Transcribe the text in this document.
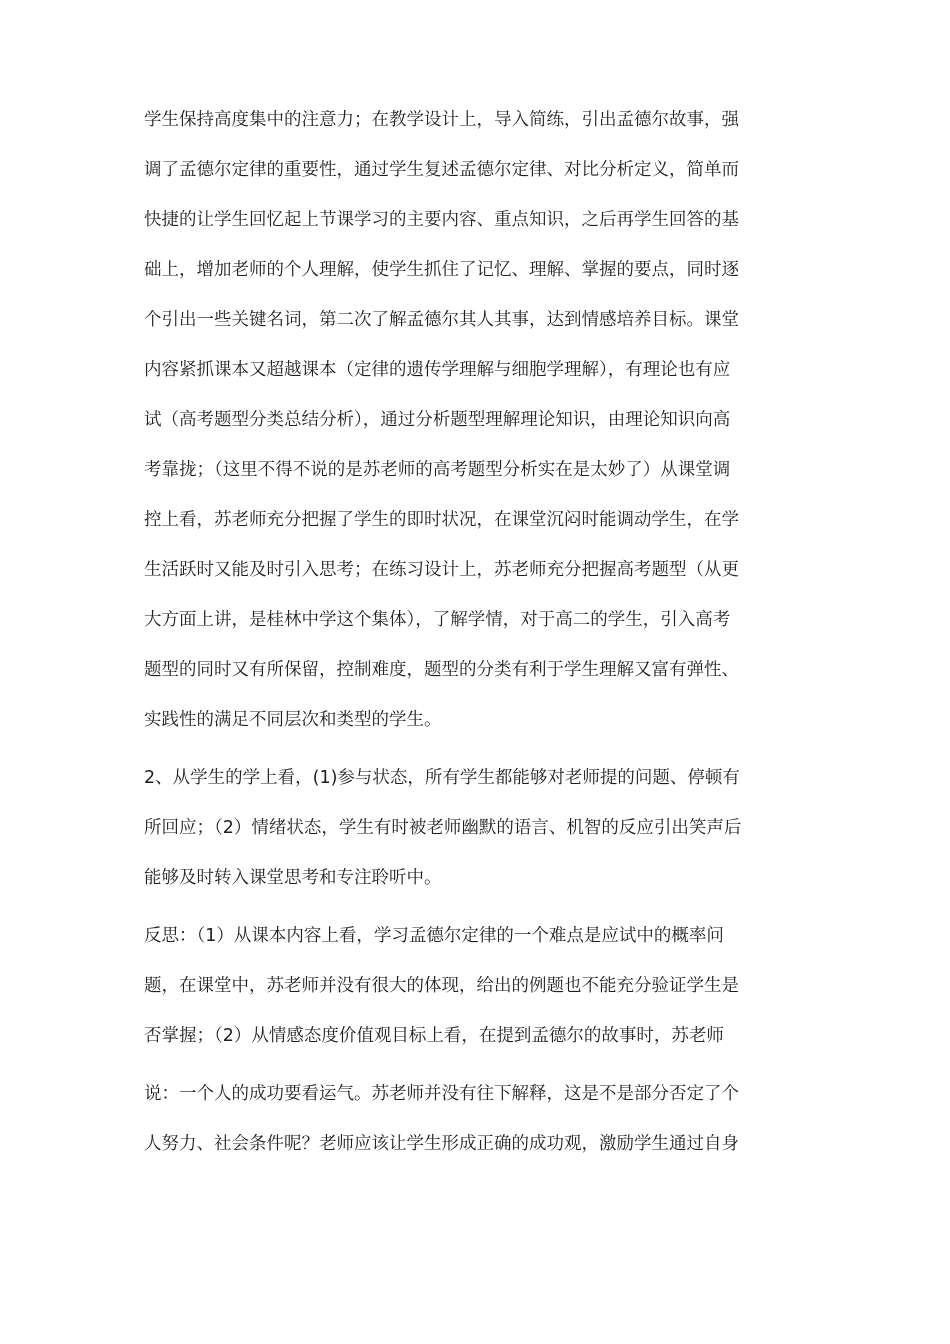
学生保持高度集中的注意力；在教学设计上，导入简练，引出孟德尔故事，强
调了孟德尔定律的重要性，通过学生复述孟德尔定律、对比分析定义，简单而
快捷的让学生回忆起上节课学习的主要内容、重点知识，之后再学生回答的基
础上，增加老师的个人理解，使学生抓住了记忆、理解、掌握的要点，同时逐
个引出一些关键名词，第二次了解孟德尔其人其事，达到情感培养目标。课堂
内容紧抓课本又超越课本（定律的遗传学理解与细胞学理解），有理论也有应
试（高考题型分类总结分析），通过分析题型理解理论知识，由理论知识向高
考靠拢；（这里不得不说的是苏老师的高考题型分析实在是太妙了）从课堂调
控上看，苏老师充分把握了学生的即时状况，在课堂沉闷时能调动学生，在学
生活跃时又能及时引入思考；在练习设计上，苏老师充分把握高考题型（从更
大方面上讲，是桂林中学这个集体），了解学情，对于高二的学生，引入高考
题型的同时又有所保留，控制难度，题型的分类有利于学生理解又富有弹性、
实践性的满足不同层次和类型的学生。
2、从学生的学上看，(1)参与状态，所有学生都能够对老师提的问题、停顿有
所回应；（2）情绪状态，学生有时被老师幽默的语言、机智的反应引出笑声后
能够及时转入课堂思考和专注聆听中。
反思：（1）从课本内容上看，学习孟德尔定律的一个难点是应试中的概率问
题，在课堂中，苏老师并没有很大的体现，给出的例题也不能充分验证学生是
否掌握；（2）从情感态度价值观目标上看，在提到孟德尔的故事时，苏老师
说：一个人的成功要看运气。苏老师并没有往下解释，这是不是部分否定了个
人努力、社会条件呢？老师应该让学生形成正确的成功观，激励学生通过自身
